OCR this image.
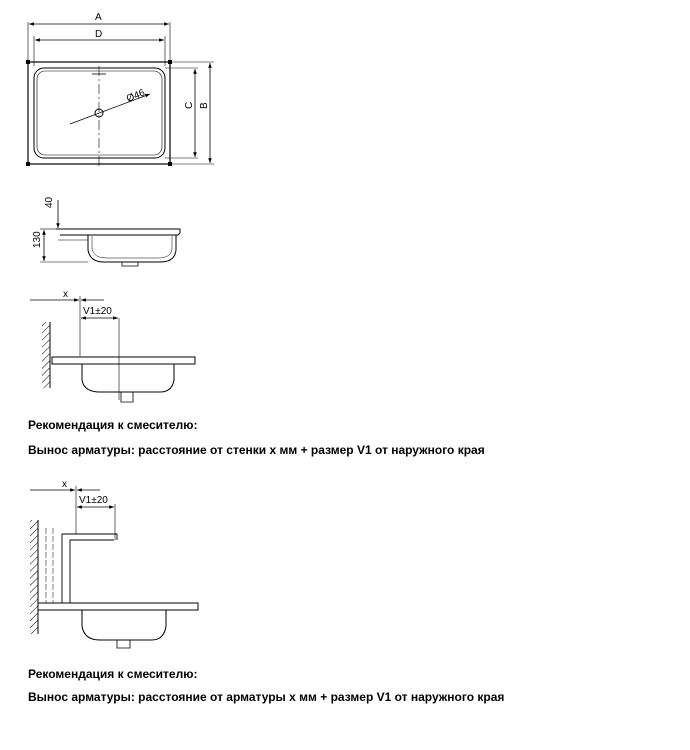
Ø46
A
D
C B
40
130
x
V1±20
x
V1±20
Рекомендация к смесителю:
Вынос арматуры: расстояние от стенки x мм + размер V1 от наружного края
Рекомендация к смесителю:
Вынос арматуры: расстояние от арматуры x мм + размер V1 от наружного края
